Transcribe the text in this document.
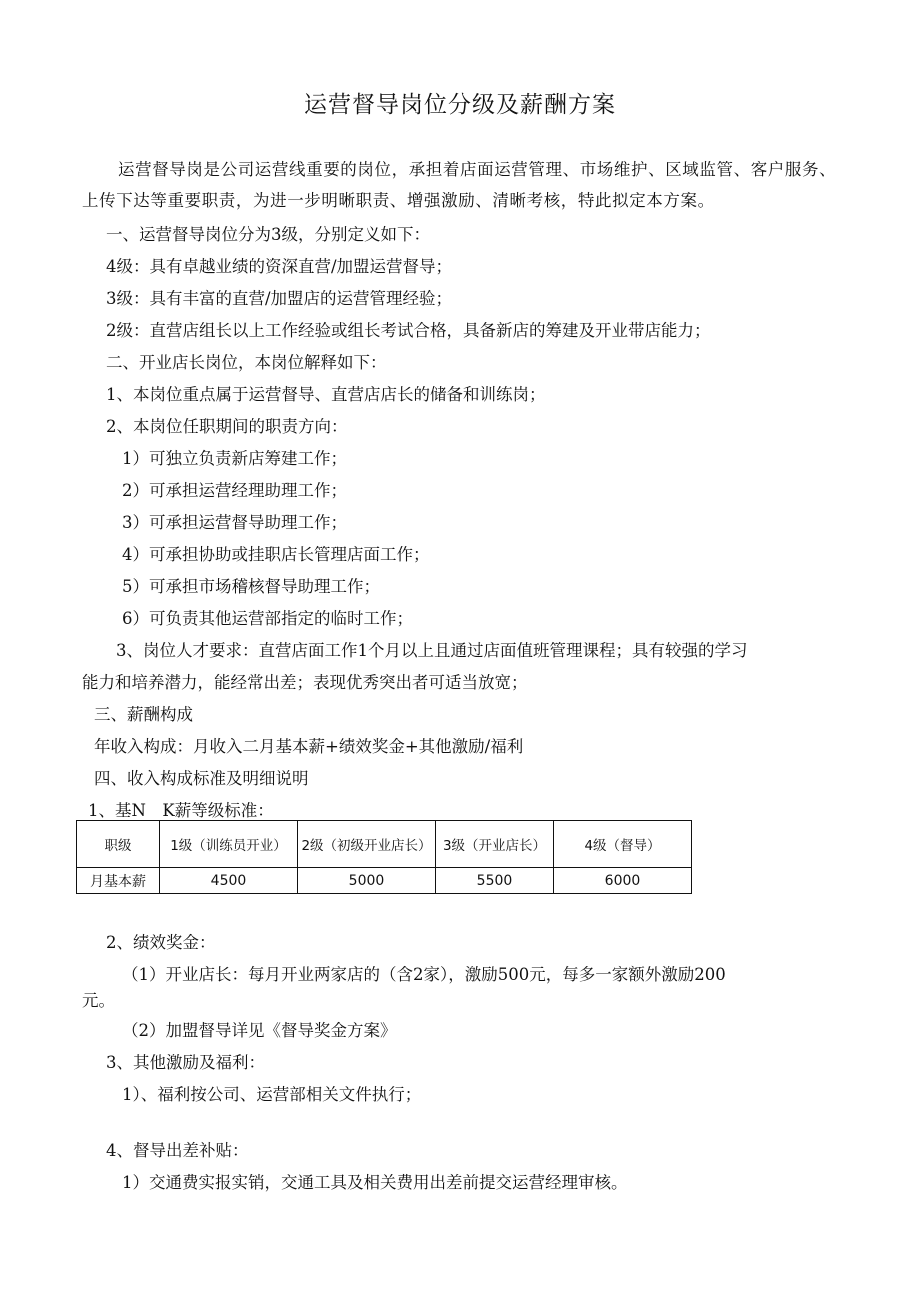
运营督导岗位分级及薪酬方案
运营督导岗是公司运营线重要的岗位，承担着店面运营管理、市场维护、区域监管、客户服务、上传下达等重要职责，为进一步明晰职责、增强激励、清晰考核，特此拟定本方案。
一、运营督导岗位分为3级，分别定义如下：
4级：具有卓越业绩的资深直营/加盟运营督导；
3级：具有丰富的直营/加盟店的运营管理经验；
2级：直营店组长以上工作经验或组长考试合格，具备新店的筹建及开业带店能力；
二、开业店长岗位，本岗位解释如下：
1、本岗位重点属于运营督导、直营店店长的储备和训练岗；
2、本岗位任职期间的职责方向：
1）可独立负责新店筹建工作；
2）可承担运营经理助理工作；
3）可承担运营督导助理工作；
4）可承担协助或挂职店长管理店面工作；
5）可承担市场稽核督导助理工作；
6）可负责其他运营部指定的临时工作；
3、岗位人才要求：直营店面工作1个月以上且通过店面值班管理课程；具有较强的学习
能力和培养潜力，能经常出差；表现优秀突出者可适当放宽；
三、薪酬构成
年收入构成：月收入二月基本薪+绩效奖金+其他激励/福利
四、收入构成标准及明细说明
1、基N　K薪等级标准：
职级	1级（训练员开业）	2级（初级开业店长）	3级（开业店长）	4级（督导）
月基本薪	4500	5000	5500	6000
2、绩效奖金：
（1）开业店长：每月开业两家店的（含2家），激励500元，每多一家额外激励200
元。
（2）加盟督导详见《督导奖金方案》
3、其他激励及福利：
1）、福利按公司、运营部相关文件执行；
4、督导出差补贴：
1）交通费实报实销，交通工具及相关费用出差前提交运营经理审核。
